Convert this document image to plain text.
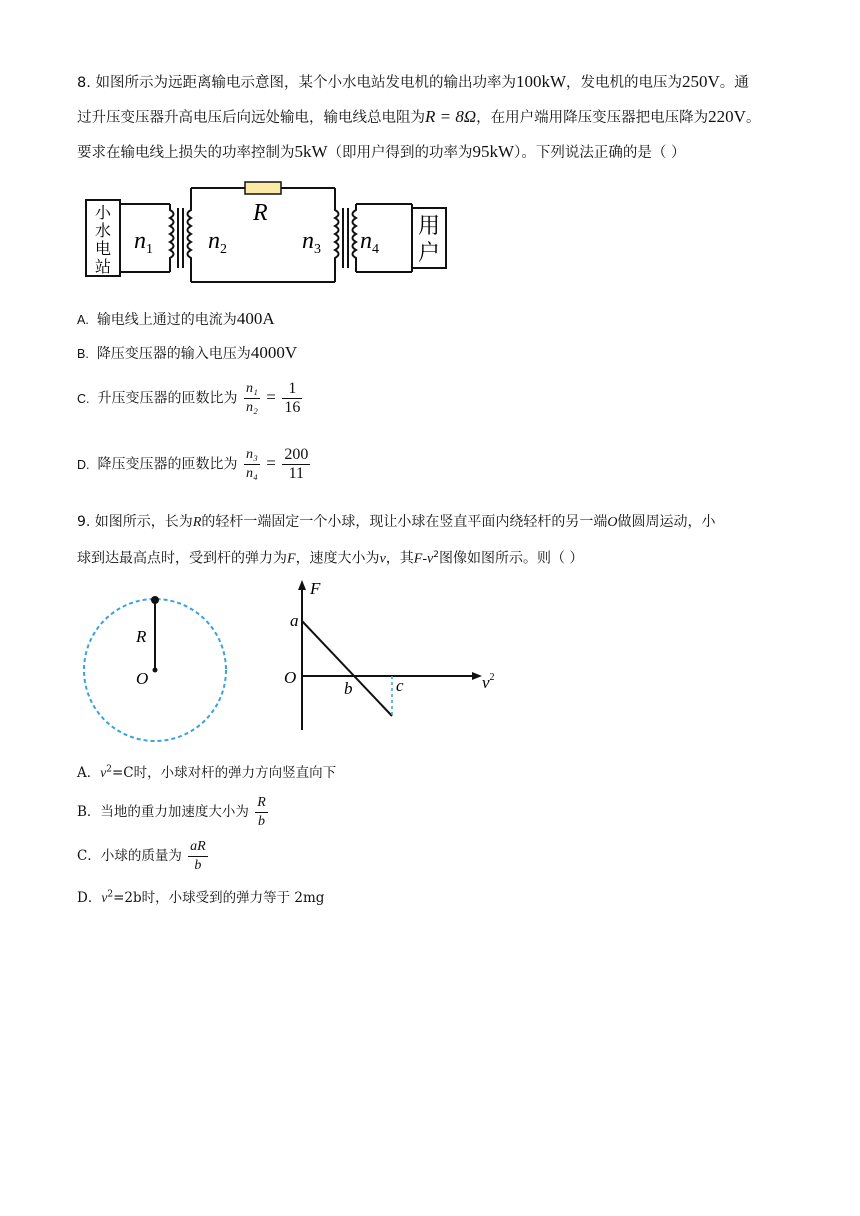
8. 如图所示为远距离输电示意图，某个小水电站发电机的输出功率为100kW，发电机的电压为250V。通
过升压变压器升高电压后向远处输电，输电线总电阻为R = 8Ω，在用户端用降压变压器把电压降为220V。
要求在输电线上损失的功率控制为5kW（即用户得到的功率为95kW）。下列说法正确的是（ ）
小
水
电
站
用
户
R
$n_1$ $n_2$	$n_3$ $n_4$
A. 输电线上通过的电流为400A
B. 降压变压器的输入电压为4000V
C. 升压变压器的匝数比为 $\frac{\text{n₁}}{\text{n₂}} = \frac{1}{16}$
D. 降压变压器的匝数比为 $\frac{\text{n₃}}{\text{n₄}} = \frac{200}{11}$
9. 如图所示，长为R的轻杆一端固定一个小球，现让小球在竖直平面内绕轻杆的另一端O做圆周运动，小
球到达最高点时，受到杆的弹力为F，速度大小为v，其$F-v^2$图像如图所示。则（ ）
R
O
F
a
O
b	c	$v^2$
A．$v^2=C$时，小球对杆的弹力方向竖直向下
B．当地的重力加速度大小为 $\frac{R}{b}$
C．小球的质量为 $\frac{aR}{b}$
D．$v^2=2b$时，小球受到的弹力等于 2mg
